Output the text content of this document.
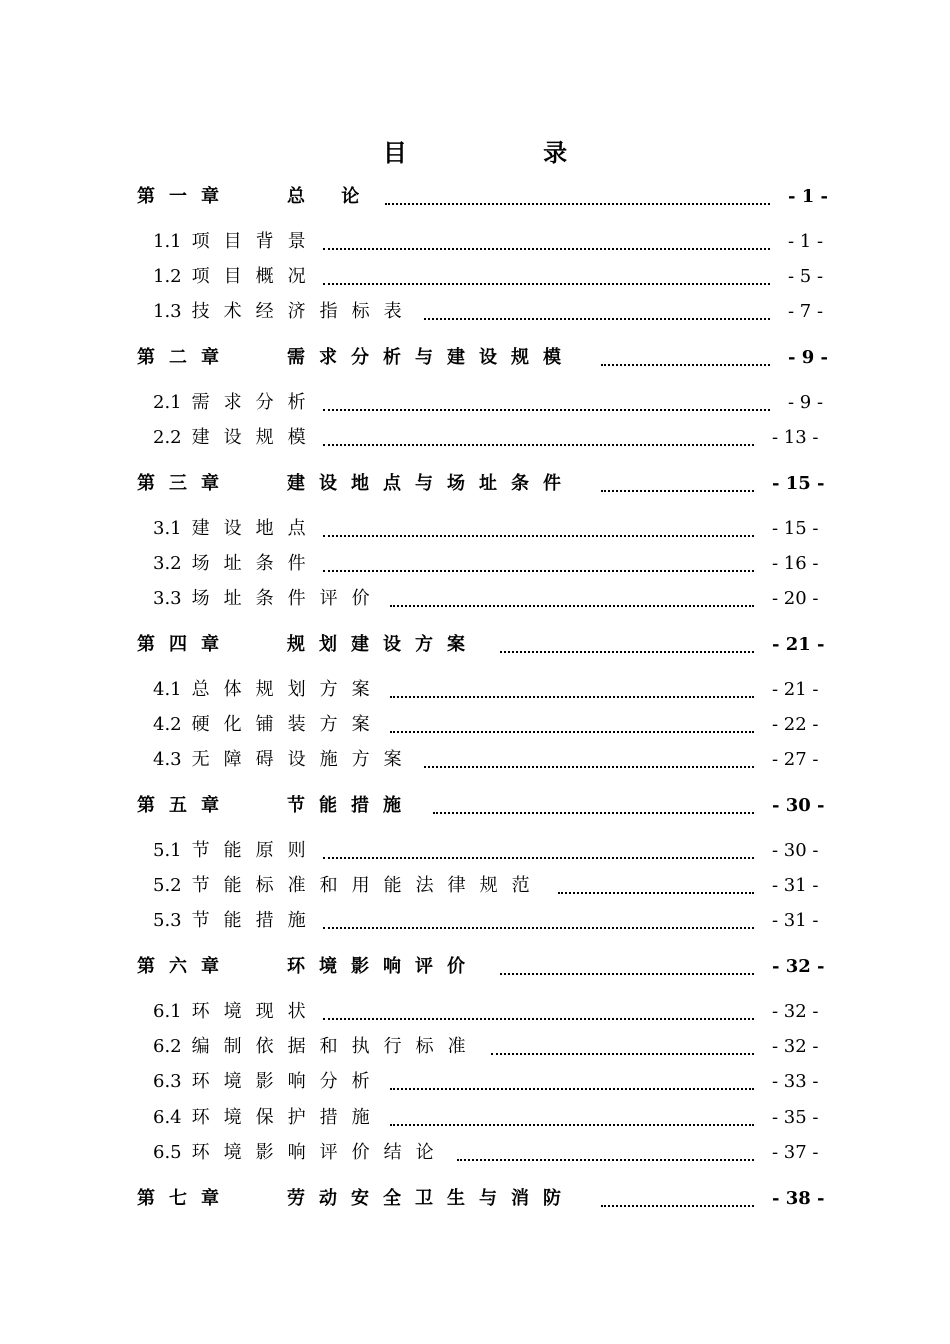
目 录
第一章	总 论	- 1 -
1.1 项目背景	- 1 -
1.2 项目概况	- 5 -
1.3 技术经济指标表	- 7 -
第二章	需求分析与建设规模	- 9 -
2.1 需求分析	- 9 -
2.2 建设规模	- 13 -
第三章	建设地点与场址条件	- 15 -
3.1 建设地点	- 15 -
3.2 场址条件	- 16 -
3.3 场址条件评价	- 20 -
第四章	规划建设方案	- 21 -
4.1 总体规划方案	- 21 -
4.2 硬化铺装方案	- 22 -
4.3 无障碍设施方案	- 27 -
第五章	节能措施	- 30 -
5.1 节能原则	- 30 -
5.2 节能标准和用能法律规范	- 31 -
5.3 节能措施	- 31 -
第六章	环境影响评价	- 32 -
6.1 环境现状	- 32 -
6.2 编制依据和执行标准	- 32 -
6.3 环境影响分析	- 33 -
6.4 环境保护措施	- 35 -
6.5 环境影响评价结论	- 37 -
第七章	劳动安全卫生与消防	- 38 -
